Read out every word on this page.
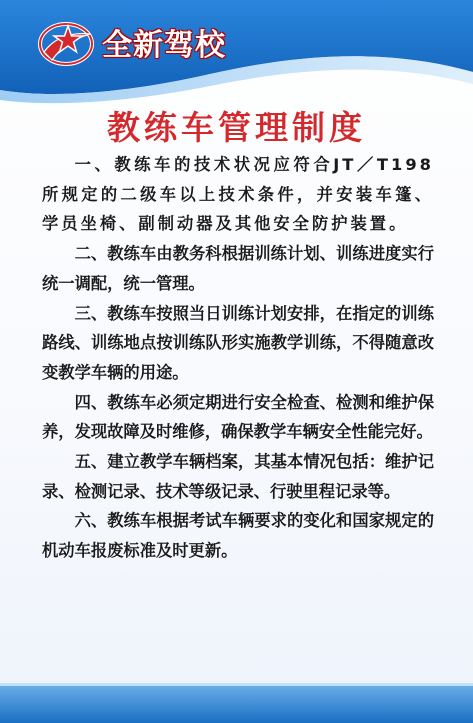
全新驾校
教练车管理制度

一、教练车的技术状况应符合JT／T198所规定的二级车以上技术条件，并安装车篷、学员坐椅、副制动器及其他安全防护装置。

二、教练车由教务科根据训练计划、训练进度实行统一调配，统一管理。

三、教练车按照当日训练计划安排，在指定的训练路线、训练地点按训练队形实施教学训练，不得随意改变教学车辆的用途。

四、教练车必须定期进行安全检查、检测和维护保养，发现故障及时维修，确保教学车辆安全性能完好。

五、建立教学车辆档案，其基本情况包括：维护记录、检测记录、技术等级记录、行驶里程记录等。

六、教练车根据考试车辆要求的变化和国家规定的机动车报废标准及时更新。
